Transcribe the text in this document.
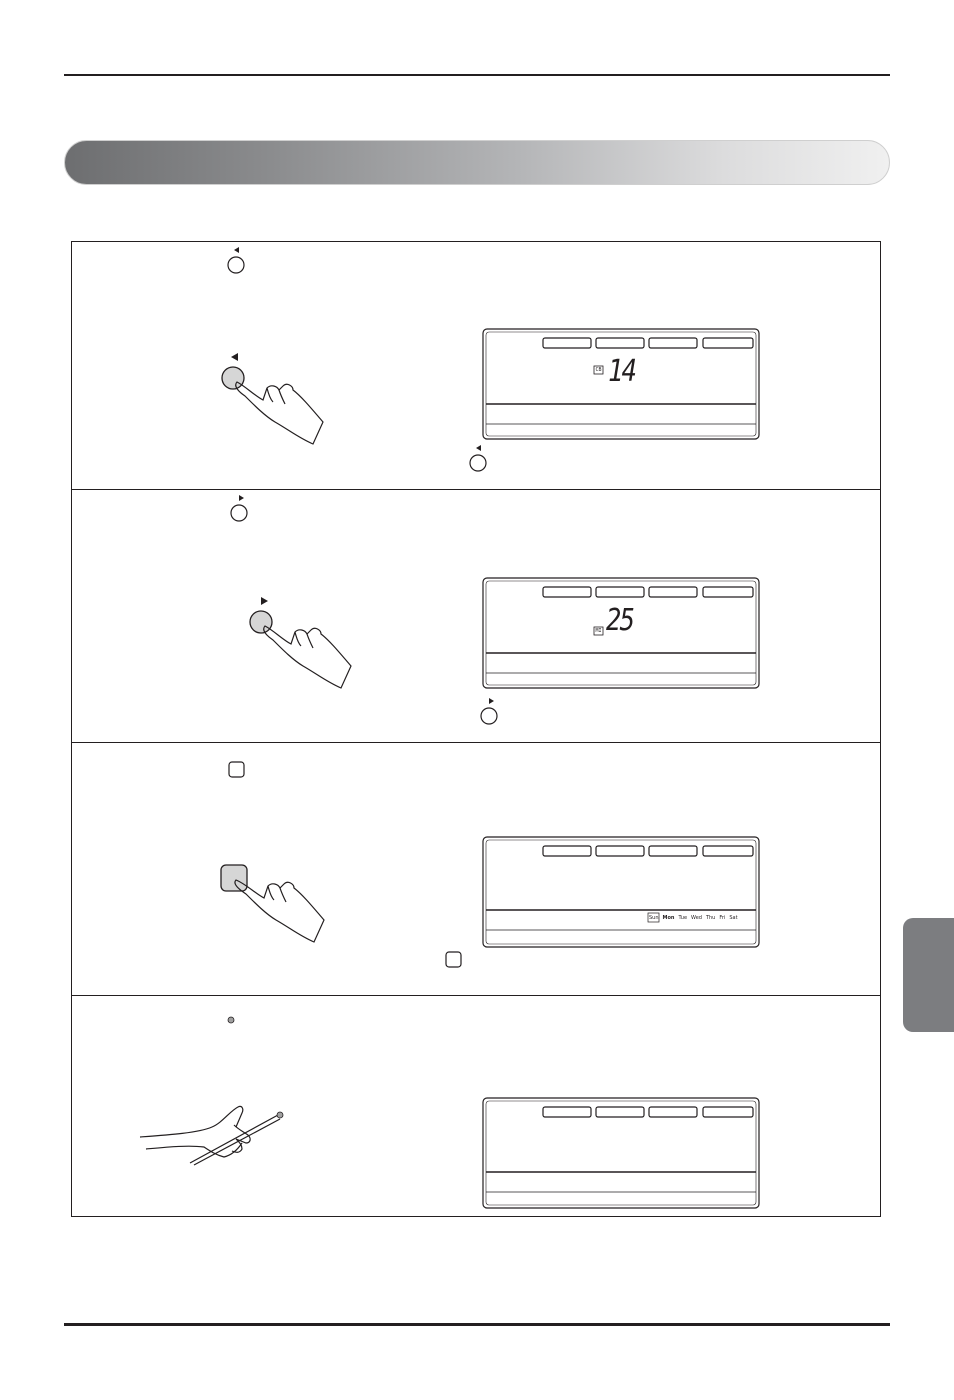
CB 14
MI 25
Sun Mon Tue Wed Thu Fri Sat
